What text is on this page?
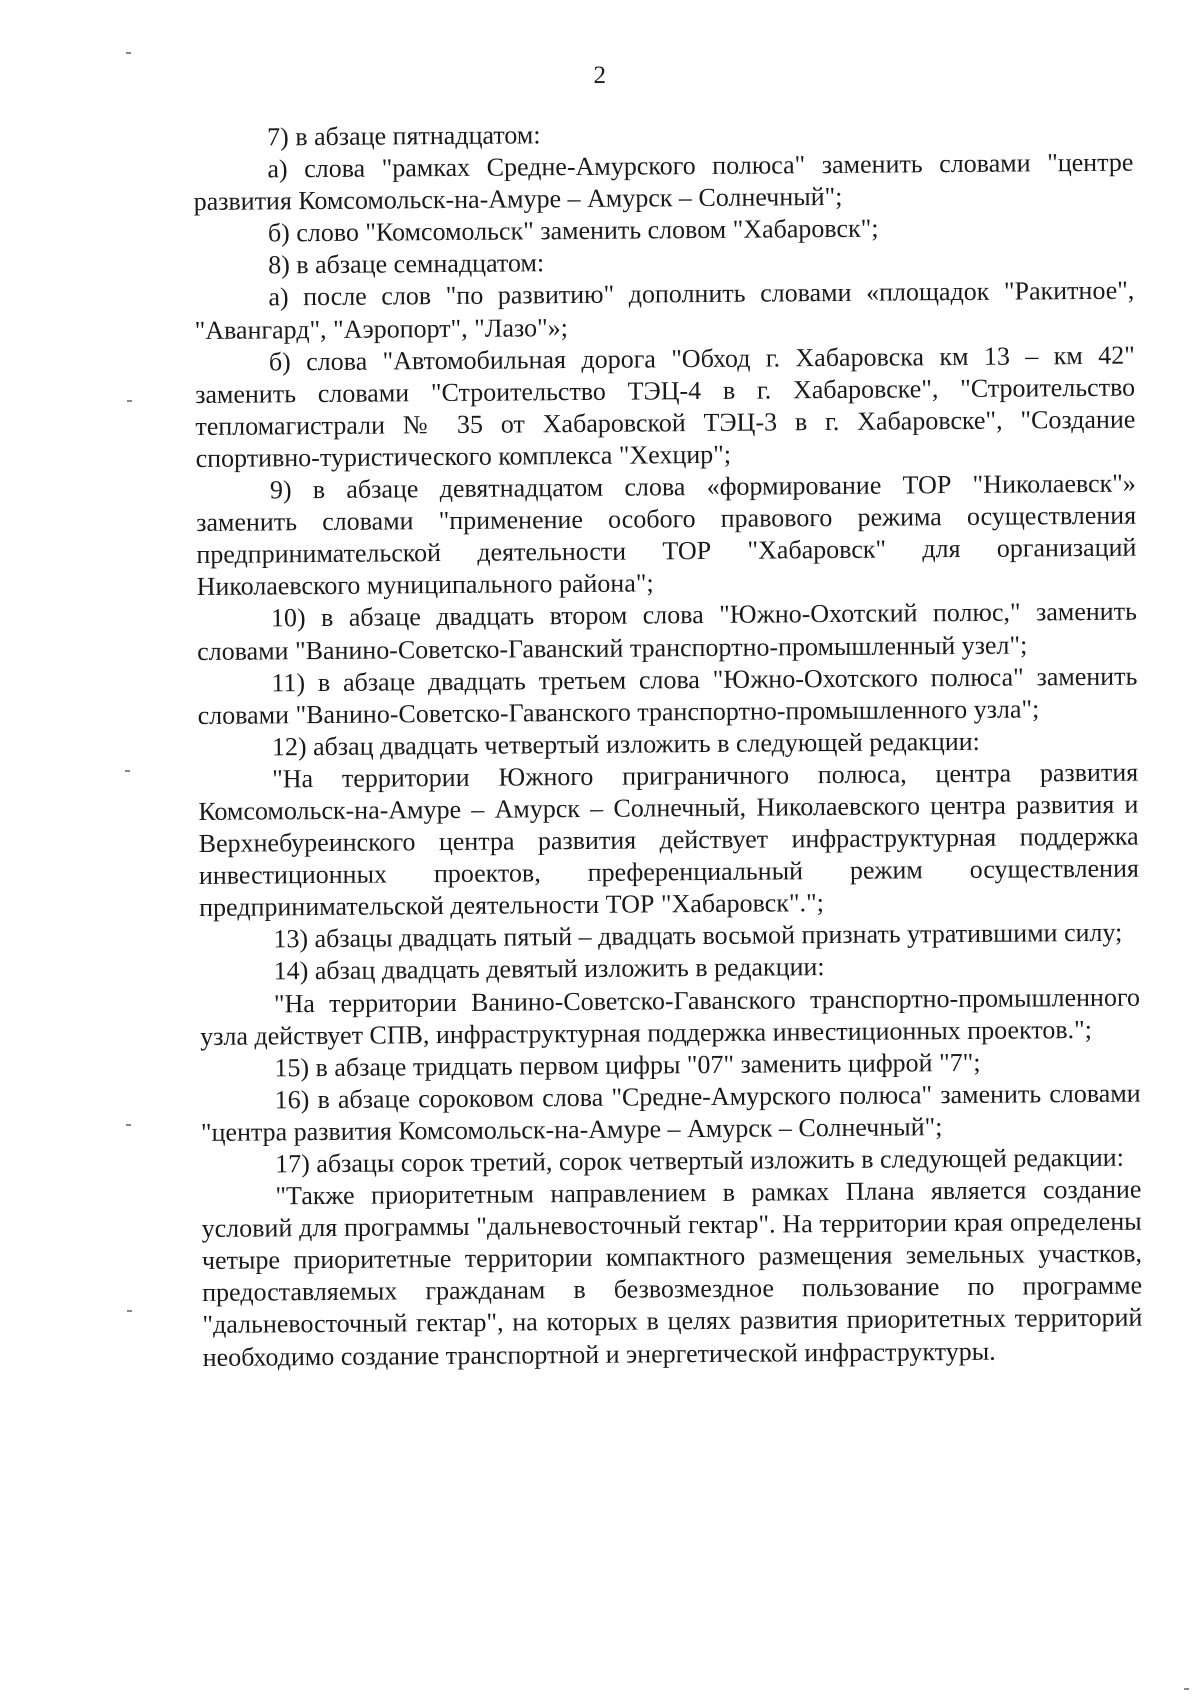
2

7) в абзаце пятнадцатом:

а) слова "рамках Средне-Амурского полюса" заменить словами "центре развития Комсомольск-на-Амуре – Амурск – Солнечный";

б) слово "Комсомольск" заменить словом "Хабаровск";

8) в абзаце семнадцатом:

а) после слов "по развитию" дополнить словами «площадок "Ракитное", "Авангард", "Аэропорт", "Лазо"»;

б) слова "Автомобильная дорога "Обход г. Хабаровска км 13 – км 42" заменить словами "Строительство ТЭЦ-4 в г. Хабаровске", "Строительство тепломагистрали № 35 от Хабаровской ТЭЦ-3 в г. Хабаровске", "Создание спортивно-туристического комплекса "Хехцир";

9) в абзаце девятнадцатом слова «формирование ТОР "Николаевск"» заменить словами "применение особого правового режима осуществления предпринимательской деятельности ТОР "Хабаровск" для организаций Николаевского муниципального района";

10) в абзаце двадцать втором слова "Южно-Охотский полюс," заменить словами "Ванино-Советско-Гаванский транспортно-промышленный узел";

11) в абзаце двадцать третьем слова "Южно-Охотского полюса" заменить словами "Ванино-Советско-Гаванского транспортно-промышленного узла";

12) абзац двадцать четвертый изложить в следующей редакции:

"На территории Южного приграничного полюса, центра развития Комсомольск-на-Амуре – Амурск – Солнечный, Николаевского центра развития и Верхнебуреинского центра развития действует инфраструктурная поддержка инвестиционных проектов, преференциальный режим осуществления предпринимательской деятельности ТОР "Хабаровск".";

13) абзацы двадцать пятый – двадцать восьмой признать утратившими силу;

14) абзац двадцать девятый изложить в редакции:

"На территории Ванино-Советско-Гаванского транспортно-промышленного узла действует СПВ, инфраструктурная поддержка инвестиционных проектов.";

15) в абзаце тридцать первом цифры "07" заменить цифрой "7";

16) в абзаце сороковом слова "Средне-Амурского полюса" заменить словами "центра развития Комсомольск-на-Амуре – Амурск – Солнечный";

17) абзацы сорок третий, сорок четвертый изложить в следующей редакции:

"Также приоритетным направлением в рамках Плана является создание условий для программы "дальневосточный гектар". На территории края определены четыре приоритетные территории компактного размещения земельных участков, предоставляемых гражданам в безвозмездное пользование по программе "дальневосточный гектар", на которых в целях развития приоритетных территорий необходимо создание транспортной и энергетической инфраструктуры.
